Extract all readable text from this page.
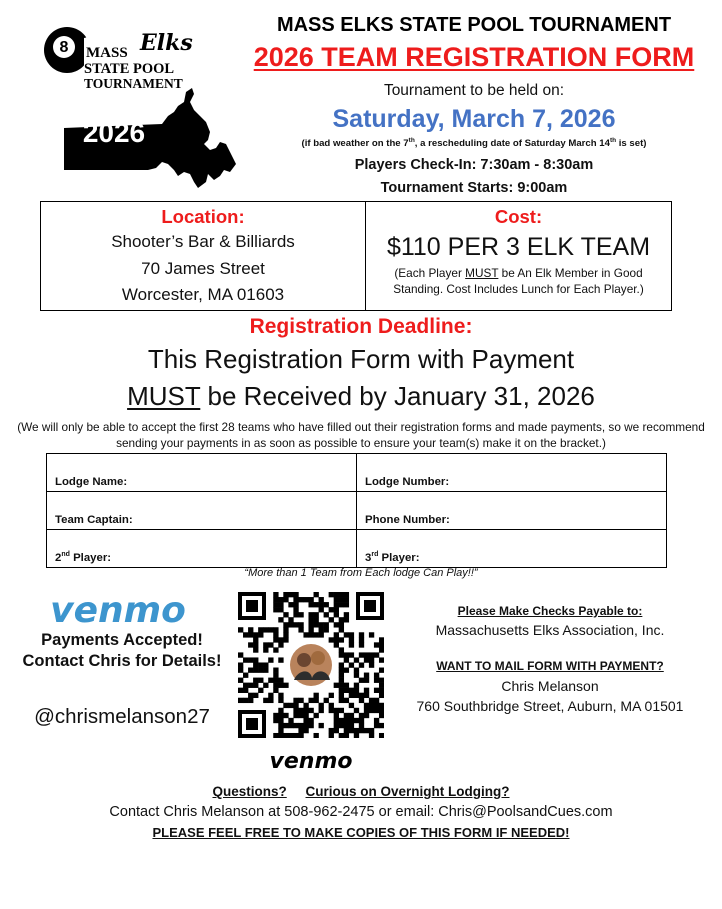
8 MASS Elks
STATE POOL
TOURNAMENT
2026
MASS ELKS STATE POOL TOURNAMENT
2026 TEAM REGISTRATION FORM
Tournament to be held on:
Saturday, March 7, 2026
(if bad weather on the 7th, a rescheduling date of Saturday March 14th is set)
Players Check-In: 7:30am - 8:30am
Tournament Starts: 9:00am
Location:
Shooter’s Bar & Billiards
70 James Street
Worcester, MA 01603
Cost:
$110 PER 3 ELK TEAM
(Each Player MUST be An Elk Member in Good Standing. Cost Includes Lunch for Each Player.)
Registration Deadline:
This Registration Form with Payment
MUST be Received by January 31, 2026
(We will only be able to accept the first 28 teams who have filled out their registration forms and made payments, so we recommend sending your payments in as soon as possible to ensure your team(s) make it on the bracket.)
Lodge Name:	Lodge Number:
Team Captain:	Phone Number:
2nd Player:	3rd Player:
“More than 1 Team from Each lodge Can Play!!”
venmo
Payments Accepted! Contact Chris for Details!
@chrismelanson27
venmo
Please Make Checks Payable to:
Massachusetts Elks Association, Inc.
WANT TO MAIL FORM WITH PAYMENT?
Chris Melanson
760 Southbridge Street, Auburn, MA 01501
Questions? Curious on Overnight Lodging?
Contact Chris Melanson at 508-962-2475 or email: Chris@PoolsandCues.com
PLEASE FEEL FREE TO MAKE COPIES OF THIS FORM IF NEEDED!
